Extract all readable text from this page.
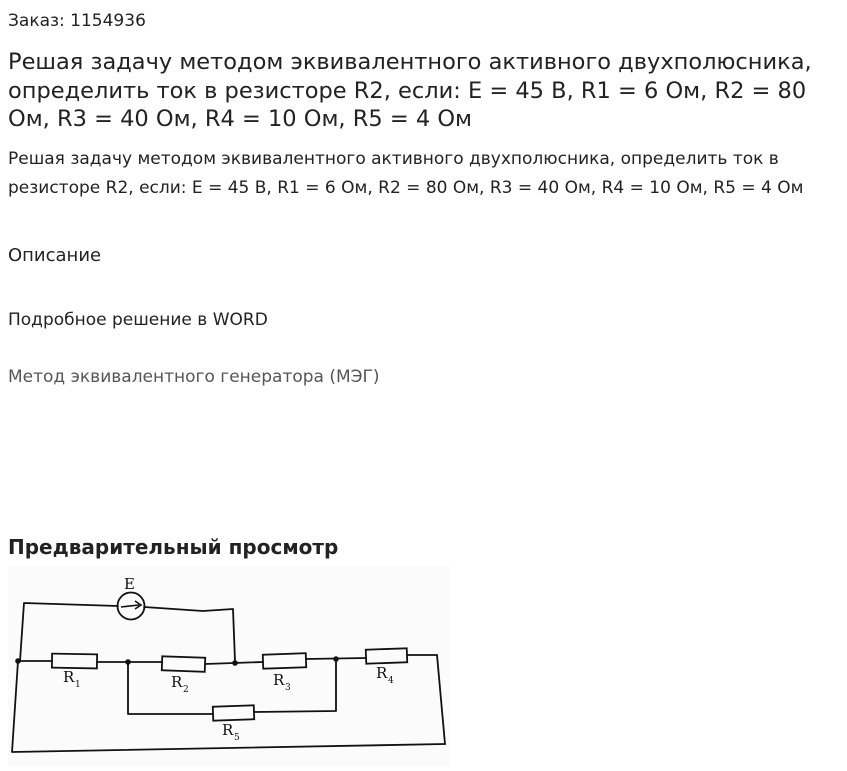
Заказ: 1154936
Решая задачу методом эквивалентного активного двухполюсника, определить ток в резисторе R2, если: E = 45 В, R1 = 6 Ом, R2 = 80 Ом, R3 = 40 Ом, R4 = 10 Ом, R5 = 4 Ом
Решая задачу методом эквивалентного активного двухполюсника, определить ток в резисторе R2, если: E = 45 В, R1 = 6 Ом, R2 = 80 Ом, R3 = 40 Ом, R4 = 10 Ом, R5 = 4 Ом
Описание
Подробное решение в WORD
Метод эквивалентного генератора (МЭГ)
Предварительный просмотр
E
R 1	R 2
R 3
R 4
R 5
